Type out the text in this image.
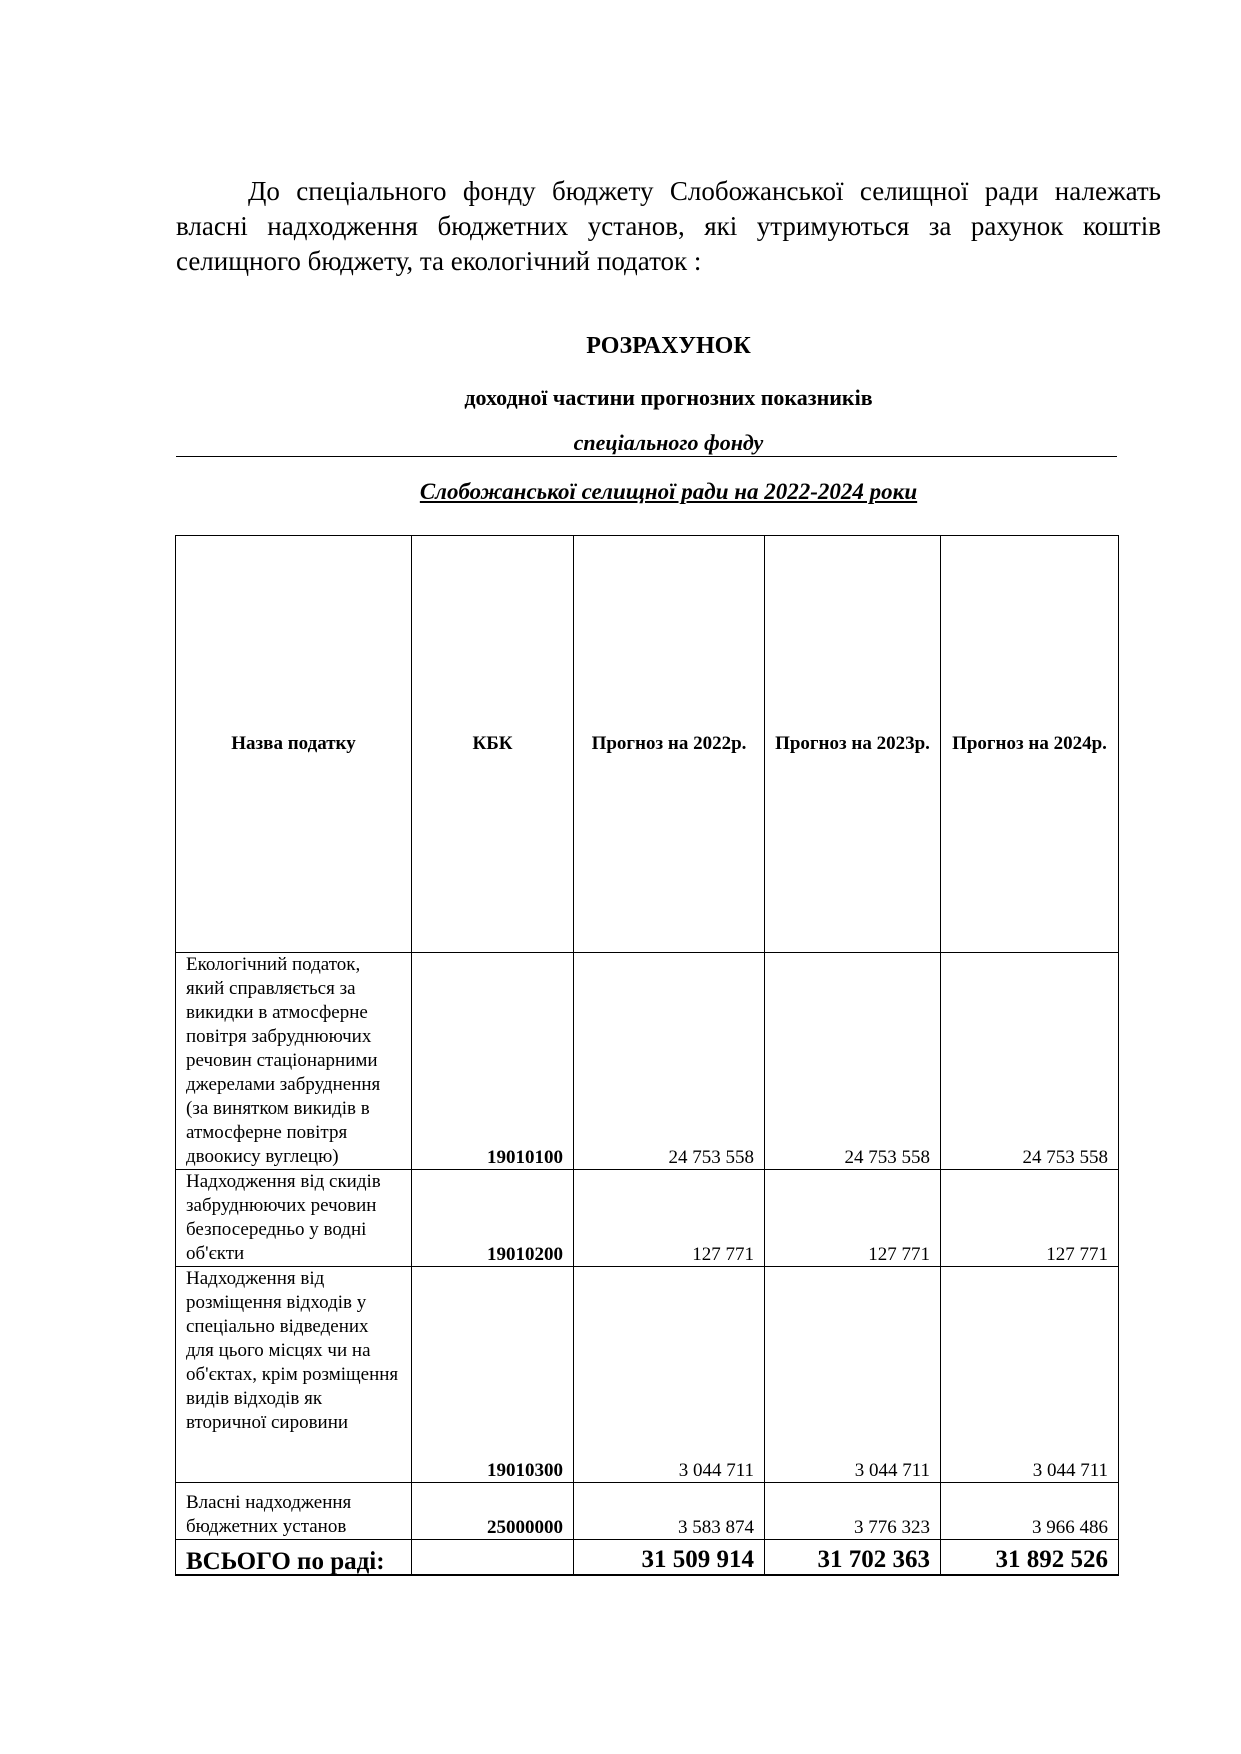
До спеціального фонду бюджету Слобожанської селищної ради належать власні надходження бюджетних установ, які утримуються за рахунок коштів селищного бюджету, та екологічний податок :
РОЗРАХУНОК
доходної частини прогнозних показників
спеціального фонду
Слобожанської селищної ради на 2022-2024 роки
Назва податку	КБК	Прогноз на 2022р.	Прогноз на 2023р.	Прогноз на 2024р.
Екологічний податок, який справляється за викидки в атмосферне повітря забруднюючих речовин стаціонарними джерелами забруднення (за винятком викидів в атмосферне повітря двоокису вуглецю)	19010100	24 753 558	24 753 558	24 753 558
Надходження від скидів забруднюючих речовин безпосередньо у водні об'єкти	19010200	127 771	127 771	127 771
Надходження від розміщення відходів у спеціально відведених для цього місцях чи на об'єктах, крім розміщення видів відходів як вторичної сировини	19010300	3 044 711	3 044 711	3 044 711
Власні надходження бюджетних установ	25000000	3 583 874	3 776 323	3 966 486
ВСЬОГО по раді:		31 509 914	31 702 363	31 892 526
